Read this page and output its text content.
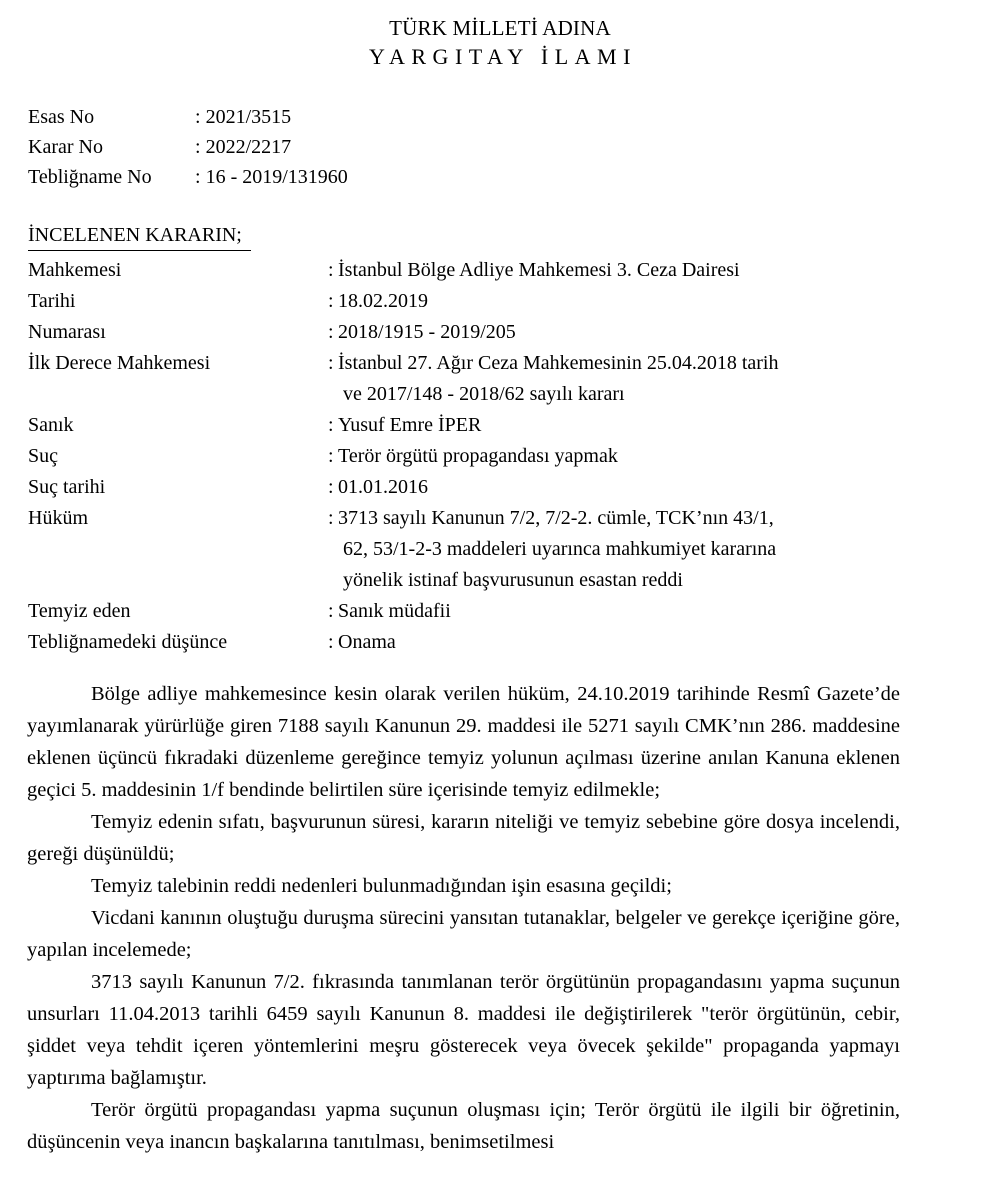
TÜRK MİLLETİ ADINA
YARGITAY İLAMI
Esas No	: 2021/3515
Karar No	: 2022/2217
Tebliğname No	: 16 - 2019/131960
İNCELENEN KARARIN;
Mahkemesi	: İstanbul Bölge Adliye Mahkemesi 3. Ceza Dairesi
Tarihi	: 18.02.2019
Numarası	: 2018/1915 - 2019/205
İlk Derece Mahkemesi	: İstanbul 27. Ağır Ceza Mahkemesinin 25.04.2018 tarih
ve 2017/148 - 2018/62 sayılı kararı
Sanık	: Yusuf Emre İPER
Suç	: Terör örgütü propagandası yapmak
Suç tarihi	: 01.01.2016
Hüküm	: 3713 sayılı Kanunun 7/2, 7/2-2. cümle, TCK’nın 43/1,
62, 53/1-2-3 maddeleri uyarınca mahkumiyet kararına
yönelik istinaf başvurusunun esastan reddi
Temyiz eden	: Sanık müdafii
Tebliğnamedeki düşünce	: Onama

Bölge adliye mahkemesince kesin olarak verilen hüküm, 24.10.2019 tarihinde Resmî Gazete’de yayımlanarak yürürlüğe giren 7188 sayılı Kanunun 29. maddesi ile 5271 sayılı CMK’nın 286. maddesine eklenen üçüncü fıkradaki düzenleme gereğince temyiz yolunun açılması üzerine anılan Kanuna eklenen geçici 5. maddesinin 1/f bendinde belirtilen süre içerisinde temyiz edilmekle;

Temyiz edenin sıfatı, başvurunun süresi, kararın niteliği ve temyiz sebebine göre dosya incelendi, gereği düşünüldü;

Temyiz talebinin reddi nedenleri bulunmadığından işin esasına geçildi;

Vicdani kanının oluştuğu duruşma sürecini yansıtan tutanaklar, belgeler ve gerekçe içeriğine göre, yapılan incelemede;

3713 sayılı Kanunun 7/2. fıkrasında tanımlanan terör örgütünün propagandasını yapma suçunun unsurları 11.04.2013 tarihli 6459 sayılı Kanunun 8. maddesi ile değiştirilerek "terör örgütünün, cebir, şiddet veya tehdit içeren yöntemlerini meşru gösterecek veya övecek şekilde" propaganda yapmayı yaptırıma bağlamıştır.

Terör örgütü propagandası yapma suçunun oluşması için; Terör örgütü ile ilgili bir öğretinin, düşüncenin veya inancın başkalarına tanıtılması, benimsetilmesi
